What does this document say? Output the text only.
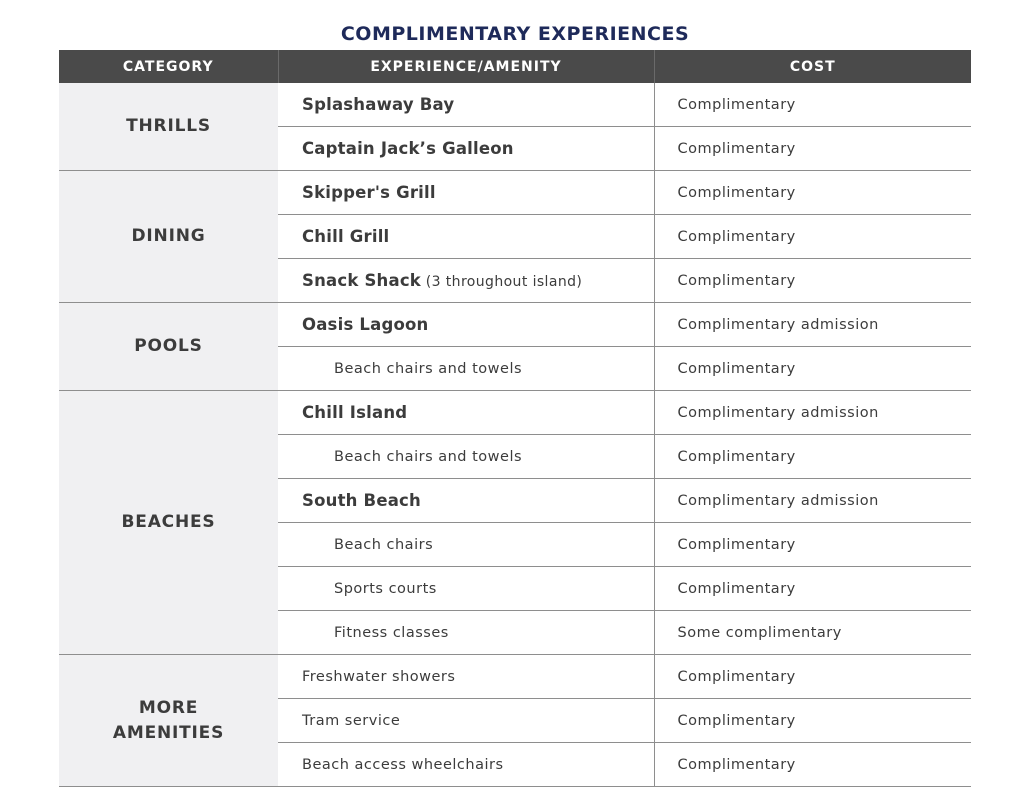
COMPLIMENTARY EXPERIENCES
CATEGORY	EXPERIENCE/AMENITY	COST
THRILLS	Splashaway Bay	Complimentary
	Captain Jack’s Galleon	Complimentary
DINING	Skipper's Grill	Complimentary
	Chill Grill	Complimentary
	Snack Shack (3 throughout island)	Complimentary
POOLS	Oasis Lagoon	Complimentary admission
	Beach chairs and towels	Complimentary
BEACHES	Chill Island	Complimentary admission
	Beach chairs and towels	Complimentary
	South Beach	Complimentary admission
	Beach chairs	Complimentary
	Sports courts	Complimentary
	Fitness classes	Some complimentary
MORE
AMENITIES	Freshwater showers	Complimentary
	Tram service	Complimentary
	Beach access wheelchairs	Complimentary
